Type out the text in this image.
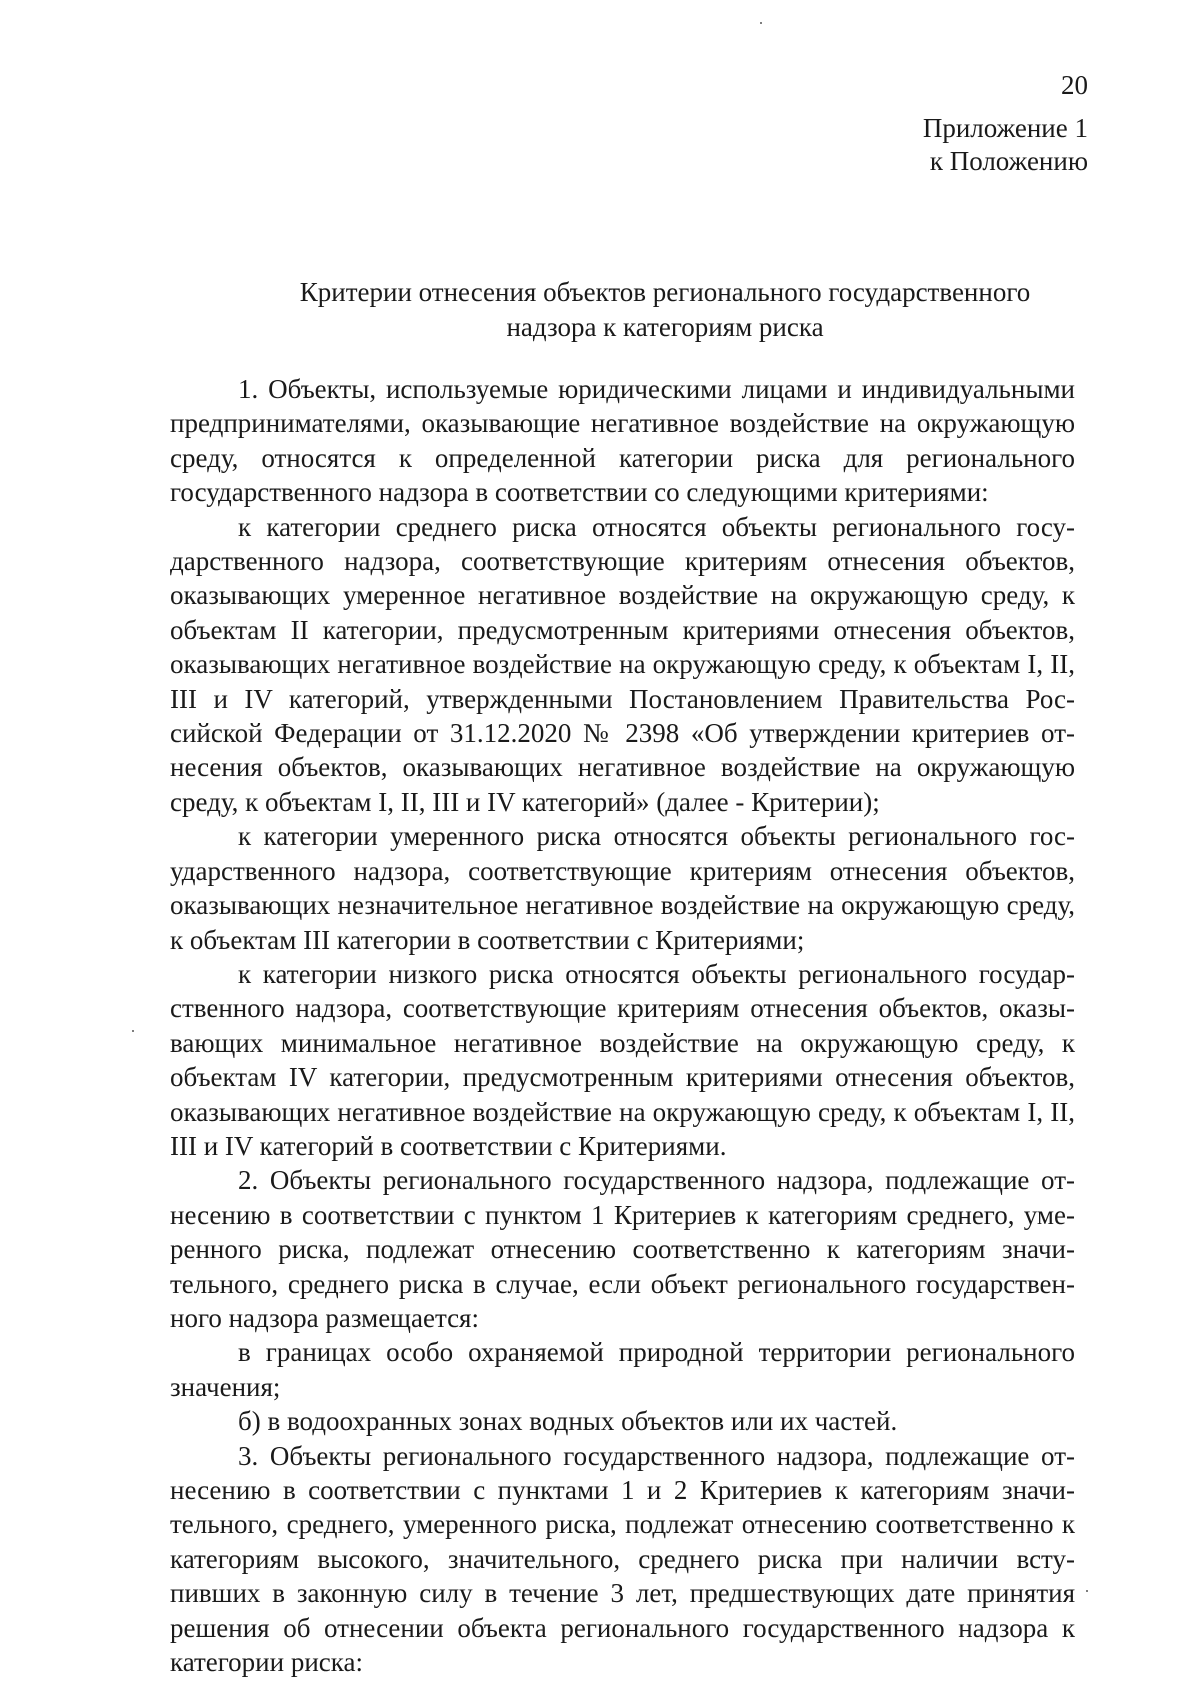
20
Приложение 1
к Положению
Критерии отнесения объектов регионального государственного
надзора к категориям риска

1. Объекты, используемые юридическими лицами и индивидуальными предпринимателями, оказывающие негативное воздействие на окружающую среду, относятся к определенной категории риска для регионального государственного надзора в соответствии со следующими критериями:

к категории среднего риска относятся объекты регионального государственного надзора, соответствующие критериям отнесения объектов, оказывающих умеренное негативное воздействие на окружающую среду, к объектам II категории, предусмотренным критериями отнесения объектов, оказывающих негативное воздействие на окружающую среду, к объектам I, II, III и IV категорий, утвержденными Постановлением Правительства Российской Федерации от 31.12.2020 № 2398 «Об утверждении критериев отнесения объектов, оказывающих негативное воздействие на окружающую среду, к объектам I, II, III и IV категорий» (далее - Критерии);

к категории умеренного риска относятся объекты регионального государственного надзора, соответствующие критериям отнесения объектов, оказывающих незначительное негативное воздействие на окружающую среду, к объектам III категории в соответствии с Критериями;

к категории низкого риска относятся объекты регионального государственного надзора, соответствующие критериям отнесения объектов, оказывающих минимальное негативное воздействие на окружающую среду, к объектам IV категории, предусмотренным критериями отнесения объектов, оказывающих негативное воздействие на окружающую среду, к объектам I, II, III и IV категорий в соответствии с Критериями.

2. Объекты регионального государственного надзора, подлежащие отнесению в соответствии с пунктом 1 Критериев к категориям среднего, умеренного риска, подлежат отнесению соответственно к категориям значительного, среднего риска в случае, если объект регионального государственного надзора размещается:

в границах особо охраняемой природной территории регионального значения;

б) в водоохранных зонах водных объектов или их частей.

3. Объекты регионального государственного надзора, подлежащие отнесению в соответствии с пунктами 1 и 2 Критериев к категориям значительного, среднего, умеренного риска, подлежат отнесению соответственно к категориям высокого, значительного, среднего риска при наличии вступивших в законную силу в течение 3 лет, предшествующих дате принятия решения об отнесении объекта регионального государственного надзора к категории риска:
